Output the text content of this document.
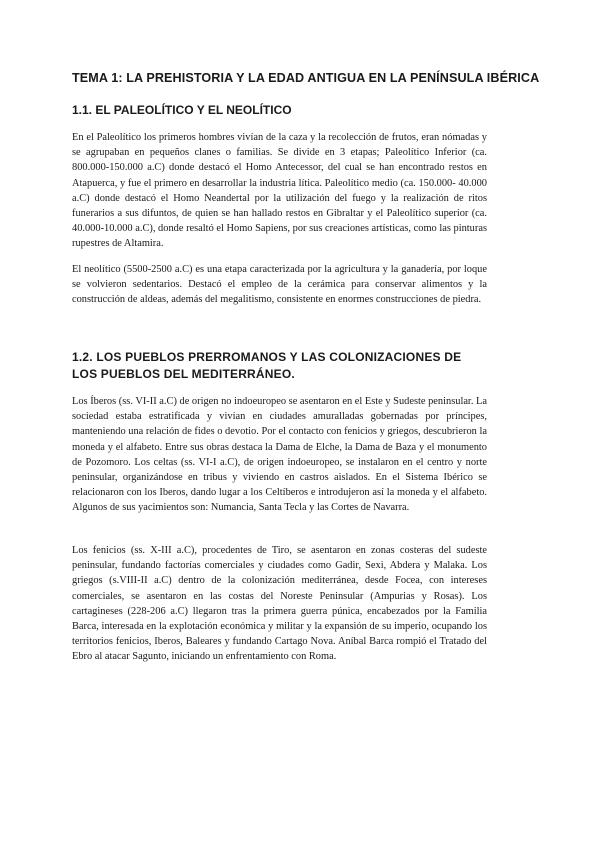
TEMA 1: LA PREHISTORIA Y LA EDAD ANTIGUA EN LA PENÍNSULA IBÉRICA
1.1. EL PALEOLÍTICO Y EL NEOLÍTICO

En el Paleolítico los primeros hombres vivían de la caza y la recolección de frutos, eran nómadas y se agrupaban en pequeños clanes o familias. Se divide en 3 etapas; Paleolítico Inferior (ca. 800.000-150.000 a.C) donde destacó el Homo Antecessor, del cual se han encontrado restos en Atapuerca, y fue el primero en desarrollar la industria lítica. Paleolítico medio (ca. 150.000- 40.000 a.C) donde destacó el Homo Neandertal por la utilización del fuego y la realización de ritos funerarios a sus difuntos, de quien se han hallado restos en Gibraltar y el Paleolítico superior (ca. 40.000-10.000 a.C), donde resaltó el Homo Sapiens, por sus creaciones artísticas, como las pinturas rupestres de Altamira.

El neolítico (5500-2500 a.C) es una etapa caracterizada por la agricultura y la ganadería, por loque se volvieron sedentarios. Destacó el empleo de la cerámica para conservar alimentos y la construcción de aldeas, además del megalitismo, consistente en enormes construcciones de piedra.

1.2. LOS PUEBLOS PRERROMANOS Y LAS COLONIZACIONES DE LOS PUEBLOS DEL MEDITERRÁNEO.

Los Íberos (ss. VI-II a.C) de origen no indoeuropeo se asentaron en el Este y Sudeste peninsular. La sociedad estaba estratificada y vivían en ciudades amuralladas gobernadas por príncipes, manteniendo una relación de fides o devotio. Por el contacto con fenicios y griegos, descubrieron la moneda y el alfabeto. Entre sus obras destaca la Dama de Elche, la Dama de Baza y el monumento de Pozomoro. Los celtas (ss. VI-I a.C), de origen indoeuropeo, se instalaron en el centro y norte peninsular, organizándose en tribus y viviendo en castros aislados. En el Sistema Ibérico se relacionaron con los Iberos, dando lugar a los Celtíberos e introdujeron así la moneda y el alfabeto. Algunos de sus yacimientos son: Numancia, Santa Tecla y las Cortes de Navarra.

Los fenicios (ss. X-III a.C), procedentes de Tiro, se asentaron en zonas costeras del sudeste peninsular, fundando factorías comerciales y ciudades como Gadir, Sexi, Abdera y Malaka. Los griegos (s.VIII-II a.C) dentro de la colonización mediterránea, desde Focea, con intereses comerciales, se asentaron en las costas del Noreste Peninsular (Ampurias y Rosas). Los cartagineses (228-206 a.C) llegaron tras la primera guerra púnica, encabezados por la Familia Barca, interesada en la explotación económica y militar y la expansión de su imperio, ocupando los territorios fenicios, Iberos, Baleares y fundando Cartago Nova. Aníbal Barca rompió el Tratado del Ebro al atacar Sagunto, iniciando un enfrentamiento con Roma.
